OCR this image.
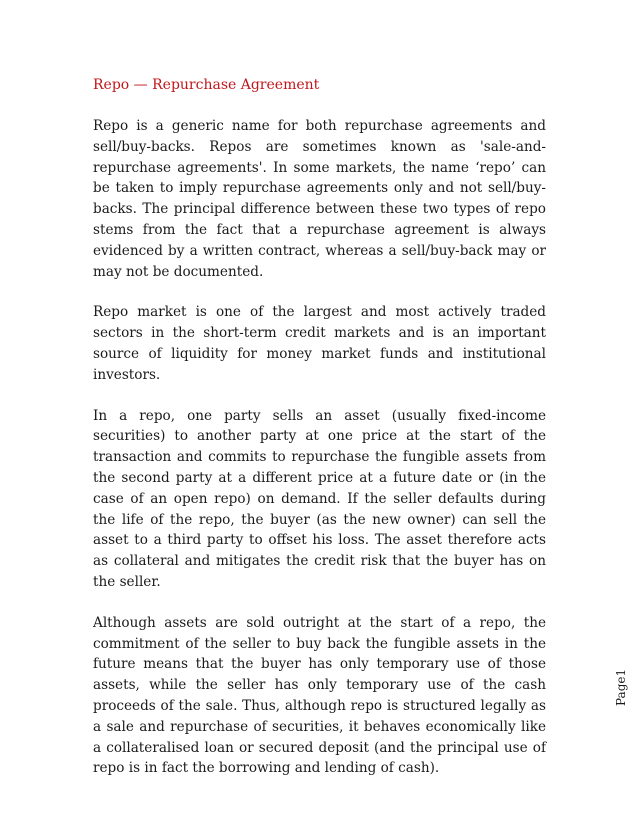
Repo — Repurchase Agreement

Repo is a generic name for both repurchase agreements and sell/buy-backs. Repos are sometimes known as 'sale-and-repurchase agreements'. In some markets, the name ‘repo’ can be taken to imply repurchase agreements only and not sell/buy-backs. The principal difference between these two types of repo stems from the fact that a repurchase agreement is always evidenced by a written contract, whereas a sell/buy-back may or may not be documented.

Repo market is one of the largest and most actively traded sectors in the short-term credit markets and is an important source of liquidity for money market funds and institutional investors.

In a repo, one party sells an asset (usually fixed-income securities) to another party at one price at the start of the transaction and commits to repurchase the fungible assets from the second party at a different price at a future date or (in the case of an open repo) on demand. If the seller defaults during the life of the repo, the buyer (as the new owner) can sell the asset to a third party to offset his loss. The asset therefore acts as collateral and mitigates the credit risk that the buyer has on the seller.

Although assets are sold outright at the start of a repo, the commitment of the seller to buy back the fungible assets in the future means that the buyer has only temporary use of those assets, while the seller has only temporary use of the cash proceeds of the sale. Thus, although repo is structured legally as a sale and repurchase of securities, it behaves economically like a collateralised loan or secured deposit (and the principal use of repo is in fact the borrowing and lending of cash).

Page1
